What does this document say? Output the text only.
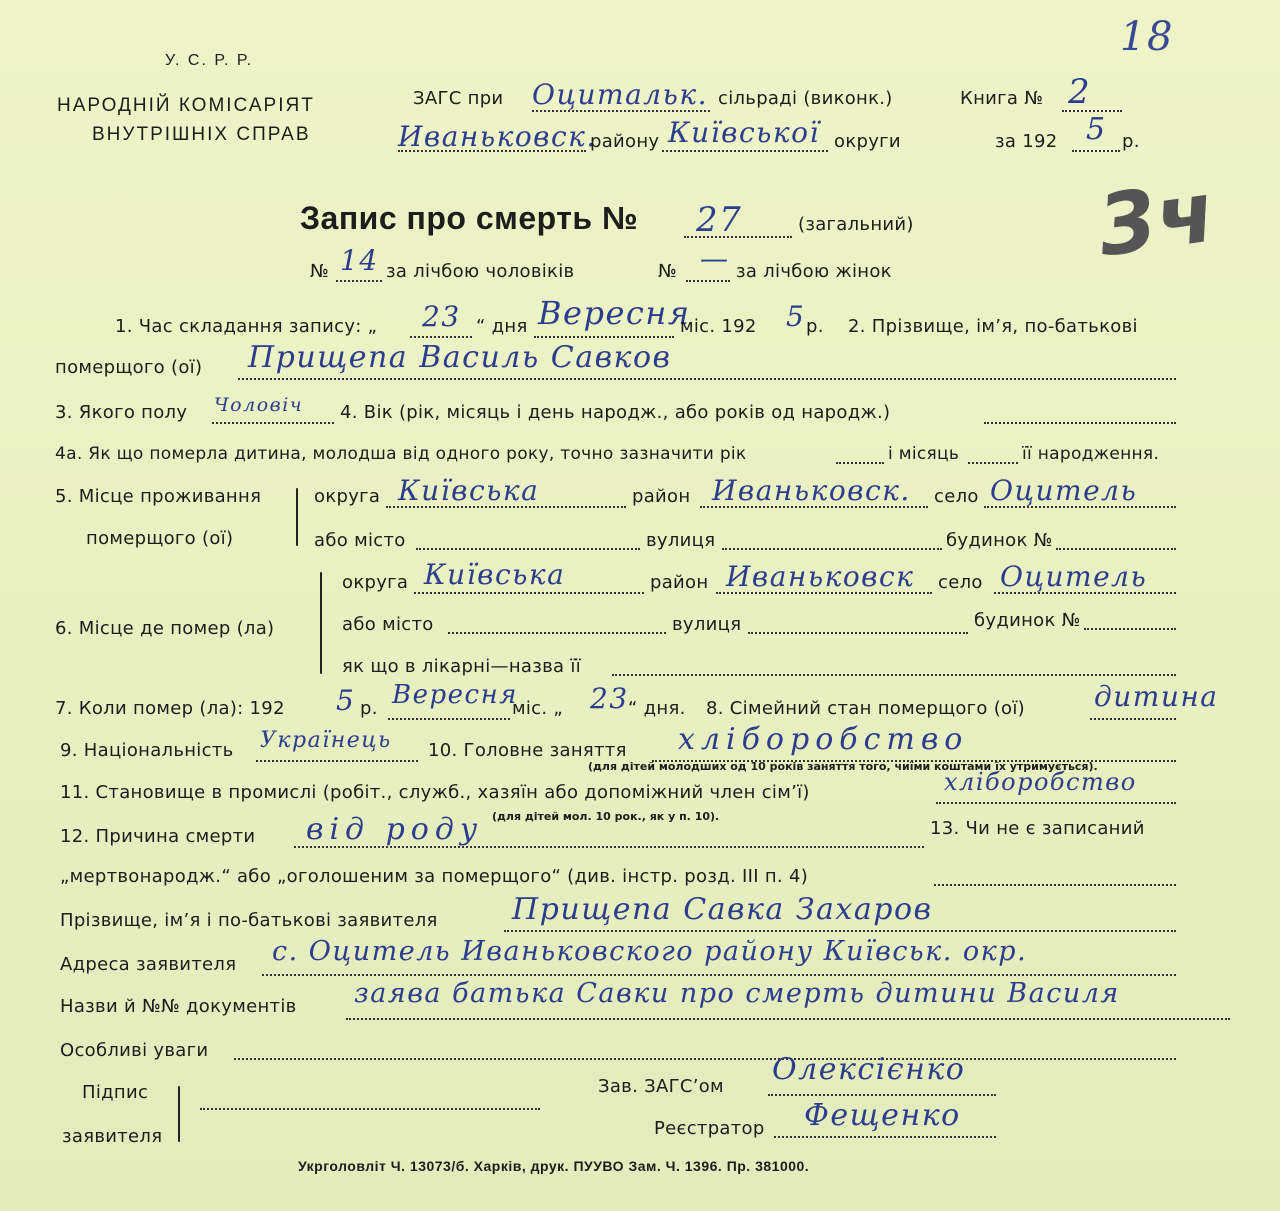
У. С. Р. Р.
НАРОДНІЙ КОМІСАРІЯТ
ВНУТРІШНІХ СПРАВ
ЗАГС при Оцитальк. сільраді (виконк.)	Книга № 2
18
Иваньковск.
району Київської округи	за 192 5 р.
3ч
Запис про смерть № 27	(загальний)
№ 14 за лічбою чоловіків	№ — за лічбою жінок
1. Час складання запису: „ 23 “ дня Вересня
міс. 192 5 р. 2. Прізвище, ім’я, по-батькові
померщого (ої) Прищепа Василь Савков
3. Якого полу Чоловіч 4. Вік (рік, місяць і день народж., або років од народж.)
4а. Як що померла дитина, молодша від одного року, точно зазначити рік	і місяць	її народження.
5. Місце проживання
померщого (ої)
округа Київська	район Иваньковск. село Оцитель
або місто	вулиця	будинок №
6. Місце де помер (ла)
округа Київська	район Иваньковск село Оцитель
або місто	вулиця	будинок №
як що в лікарні—назва її
7. Коли помер (ла): 192 5 р. Вересня
міс. „ 23 “ дня. 8. Сімейний стан померщого (ої) дитина
9. Національність Українець 10. Головне заняття хліборобство
(для дітей молодших од 10 років заняття того, чиїми коштами їх утримується).
11. Становище в промислі (робіт., служб., хазяїн або допоміжний член сім’ї)	хліборобство
(для дітей мол. 10 рок., як у п. 10).
12. Причина смерти від роду	13. Чи не є записаний
„мертвонародж.“ або „оголошеним за померщого“ (див. інстр. розд. ІІІ п. 4)
Прізвище, ім’я і по-батькові заявителя Прищепа Савка Захаров
Адреса заявителя с. Оцитель Иваньковского району Київськ. окр.
Назви й №№ документів заява батька Савки про смерть дитини Василя
Особливі уваги
Підпис
заявителя
Зав. ЗАГС’ом Олексієнко
Реєстратор Фещенко
Укрголовліт Ч. 13073/б. Харків, друк. ПУУВО Зам. Ч. 1396. Пр. 381000.
